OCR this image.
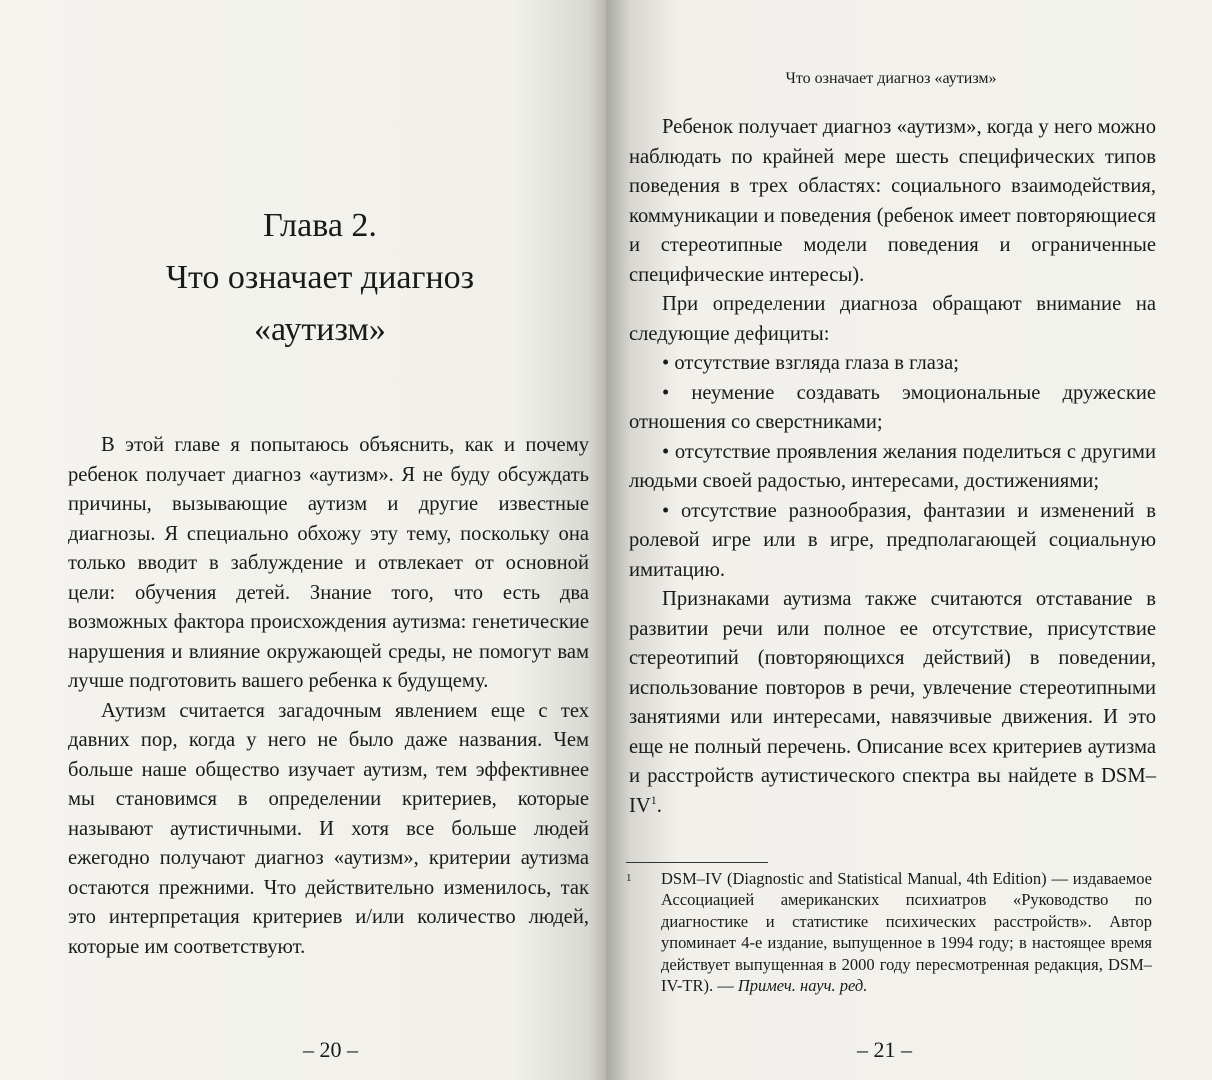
Глава 2.
Что означает диагноз
«аутизм»

В этой главе я попытаюсь объяснить, как и почему ребенок получает диагноз «аутизм». Я не буду обсуждать причины, вызывающие аутизм и другие известные диагнозы. Я специально обхожу эту тему, поскольку она только вводит в заблуждение и отвлекает от основной цели: обучения детей. Знание того, что есть два возможных фактора происхождения аутизма: генетические нарушения и влияние окружающей среды, не помогут вам лучше подготовить вашего ребенка к будущему.

Аутизм считается загадочным явлением еще с тех давних пор, когда у него не было даже названия. Чем больше наше общество изучает аутизм, тем эффективнее мы становимся в определении критериев, которые называют аутистичными. И хотя все больше людей ежегодно получают диагноз «аутизм», критерии аутизма остаются прежними. Что действительно изменилось, так это интерпретация критериев и/или количество людей, которые им соответствуют.

– 20 –
Что означает диагноз «аутизм»

Ребенок получает диагноз «аутизм», когда у него можно наблюдать по крайней мере шесть специфических типов поведения в трех областях: социального взаимодействия, коммуникации и поведения (ребенок имеет повторяющиеся и стереотипные модели поведения и ограниченные специфические интересы).

При определении диагноза обращают внимание на следующие дефициты:

• отсутствие взгляда глаза в глаза;

• неумение создавать эмоциональные дружеские отношения со сверстниками;

• отсутствие проявления желания поделиться с другими людьми своей радостью, интересами, достижениями;

• отсутствие разнообразия, фантазии и изменений в ролевой игре или в игре, предполагающей социальную имитацию.

Признаками аутизма также считаются отставание в развитии речи или полное ее отсутствие, присутствие стереотипий (повторяющихся действий) в поведении, использование повторов в речи, увлечение стереотипными занятиями или интересами, навязчивые движения. И это еще не полный перечень. Описание всех критериев аутизма и расстройств аутистического спектра вы найдете в DSM–$IV^1$.

1 DSM–IV (Diagnostic and Statistical Manual, 4th Edition) — издаваемое Ассоциацией американских психиатров «Руководство по диагностике и статистике психических расстройств». Автор упоминает 4-е издание, выпущенное в 1994 году; в настоящее время действует выпущенная в 2000 году пересмотренная редакция, DSM–IV-TR). — Примеч. науч. ред.
– 21 –
